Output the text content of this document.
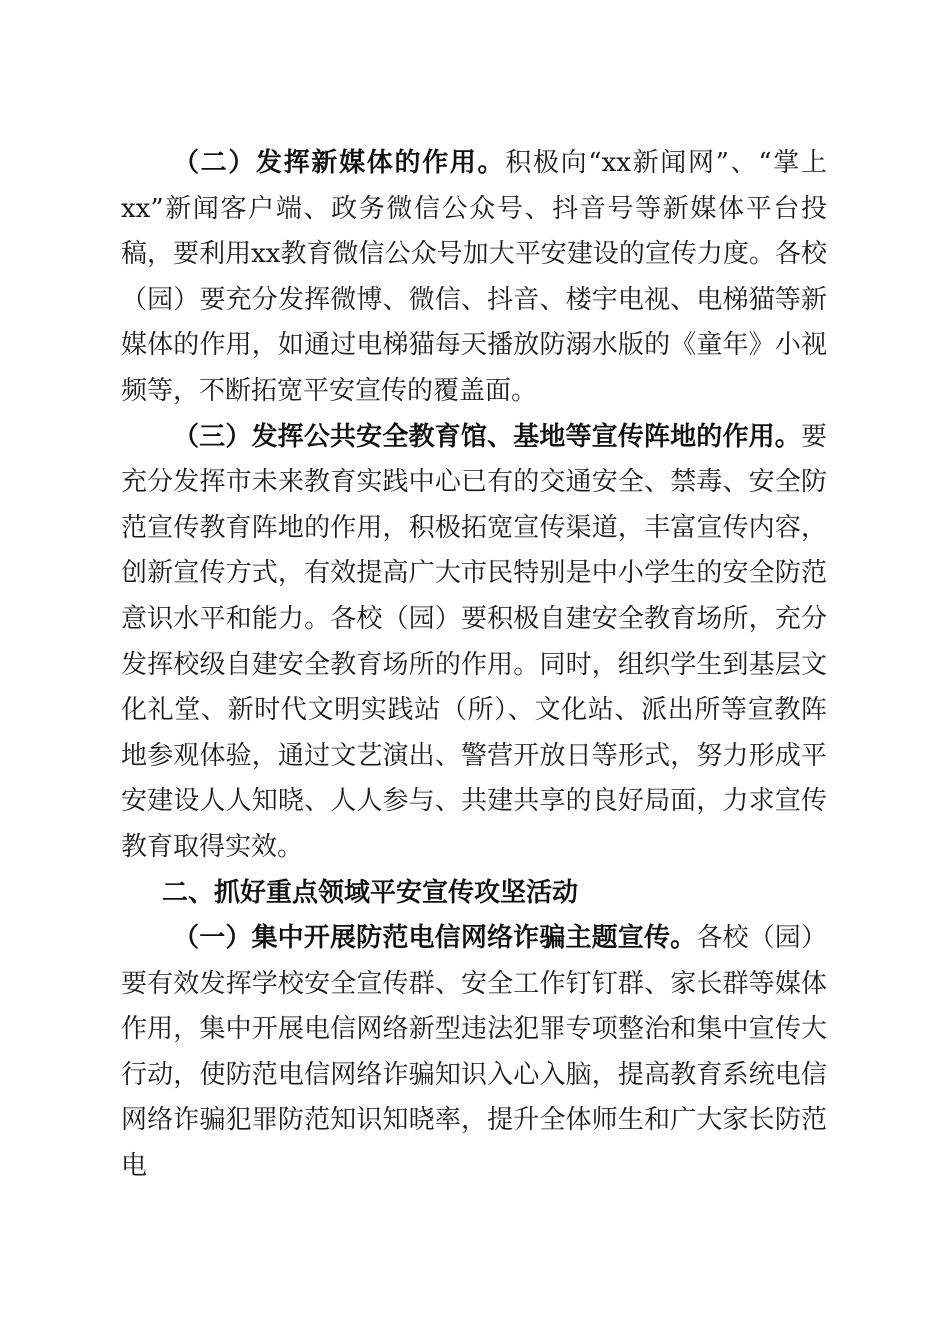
（二）发挥新媒体的作用。积极向“xx新闻网”、“掌上xx”新闻客户端、政务微信公众号、抖音号等新媒体平台投稿，要利用xx教育微信公众号加大平安建设的宣传力度。各校（园）要充分发挥微博、微信、抖音、楼宇电视、电梯猫等新媒体的作用，如通过电梯猫每天播放防溺水版的《童年》小视频等，不断拓宽平安宣传的覆盖面。

（三）发挥公共安全教育馆、基地等宣传阵地的作用。要充分发挥市未来教育实践中心已有的交通安全、禁毒、安全防范宣传教育阵地的作用，积极拓宽宣传渠道，丰富宣传内容，创新宣传方式，有效提高广大市民特别是中小学生的安全防范意识水平和能力。各校（园）要积极自建安全教育场所，充分发挥校级自建安全教育场所的作用。同时，组织学生到基层文化礼堂、新时代文明实践站（所）、文化站、派出所等宣教阵地参观体验，通过文艺演出、警营开放日等形式，努力形成平安建设人人知晓、人人参与、共建共享的良好局面，力求宣传教育取得实效。

二、抓好重点领域平安宣传攻坚活动

（一）集中开展防范电信网络诈骗主题宣传。各校（园）要有效发挥学校安全宣传群、安全工作钉钉群、家长群等媒体作用，集中开展电信网络新型违法犯罪专项整治和集中宣传大行动，使防范电信网络诈骗知识入心入脑，提高教育系统电信网络诈骗犯罪防范知识知晓率，提升全体师生和广大家长防范电
